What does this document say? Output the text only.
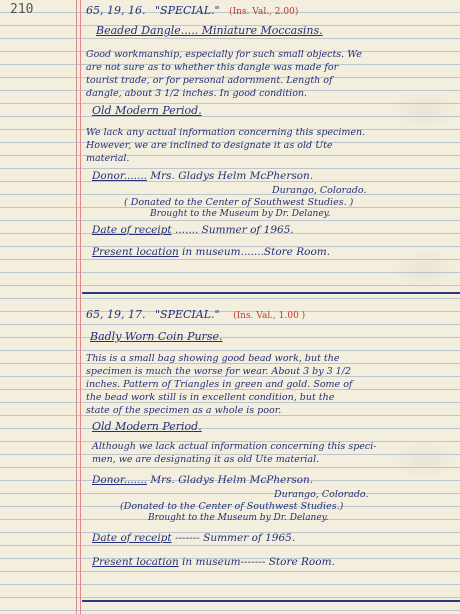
210	65, 19, 16. "SPECIAL." (Ins. Val., 2.00)
Beaded Dangle..... Miniature Moccasins.
Good workmanship, especially for such small objects. We
are not sure as to whether this dangle was made for
tourist trade, or for personal adornment. Length of
dangle, about 3 1/2 inches. In good condition.
Old Modern Period.
We lack any actual information concerning this specimen.
However, we are inclined to designate it as old Ute
material.
Donor....... Mrs. Gladys Helm McPherson.
Durango, Colorado.
( Donated to the Center of Southwest Studies. )
Brought to the Museum by Dr. Delaney.
Date of receipt ....... Summer of 1965.
Present location in museum.......Store Room.
65, 19, 17. "SPECIAL." (Ins. Val., 1.00 )
Badly Worn Coin Purse.
This is a small bag showing good bead work, but the
specimen is much the worse for wear. About 3 by 3 1/2
inches. Pattern of Triangles in green and gold. Some of
the bead work still is in excellent condition, but the
state of the specimen as a whole is poor.
Old Modern Period.
Although we lack actual information concerning this speci-
men, we are designating it as old Ute material.
Donor....... Mrs. Gladys Helm McPherson.
Durango, Colorado.
(Donated to the Center of Southwest Studies.)
Brought to the Museum by Dr. Delaney.
Date of receipt ------- Summer of 1965.
Present location in museum------- Store Room.
